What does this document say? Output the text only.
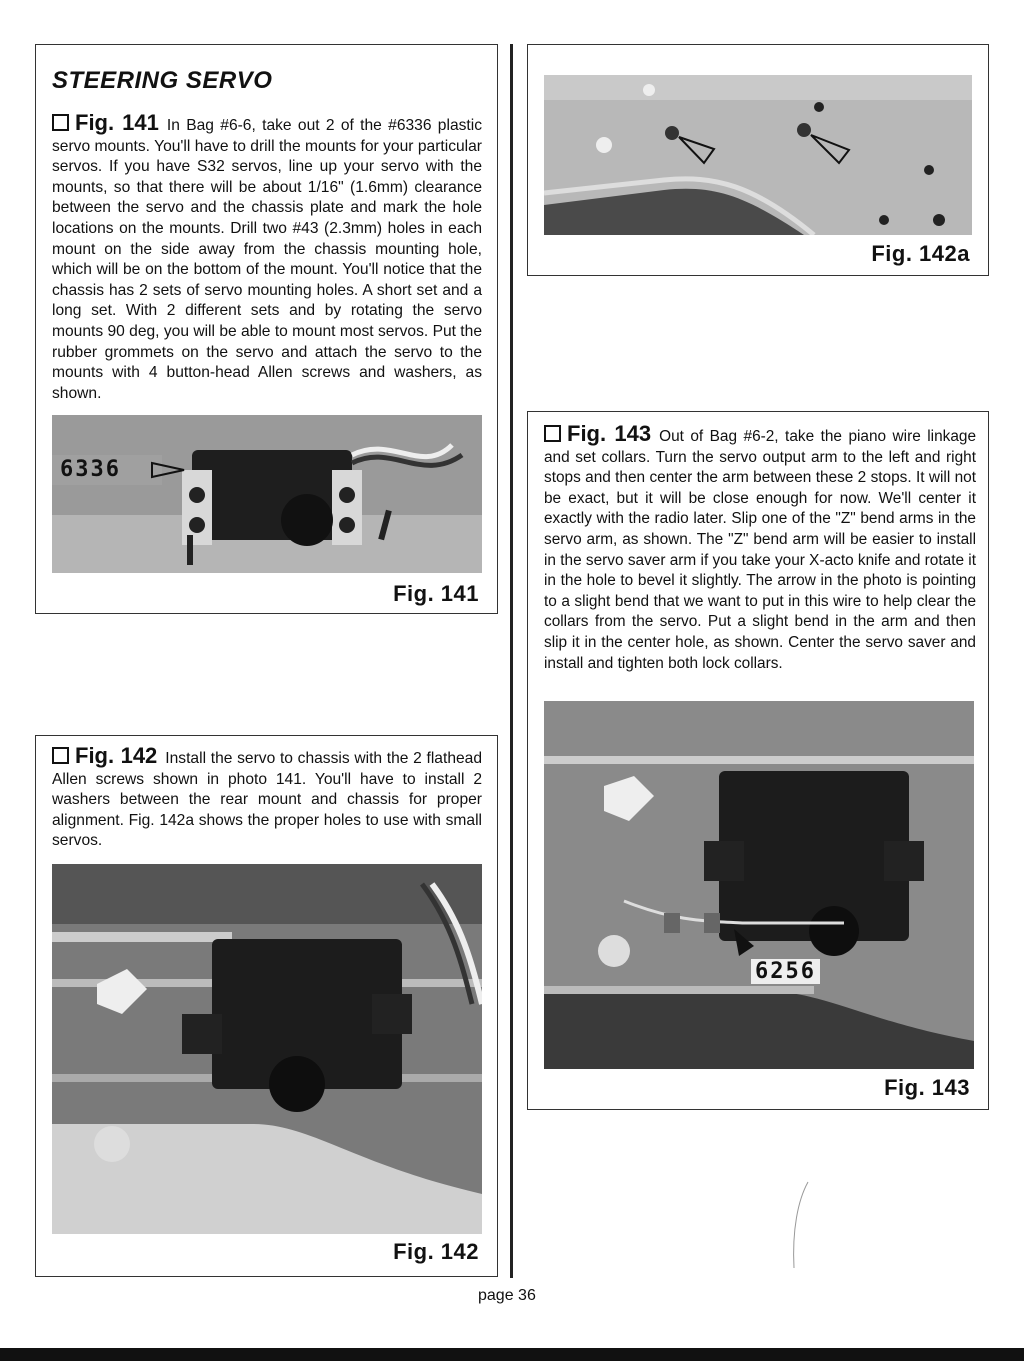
STEERING SERVO
Fig. 141 In Bag #6-6, take out 2 of the #6336 plastic servo mounts. You'll have to drill the mounts for your particular servos. If you have S32 servos, line up your servo with the mounts, so that there will be about 1/16" (1.6mm) clearance between the servo and the chassis plate and mark the hole locations on the mounts. Drill two #43 (2.3mm) holes in each mount on the side away from the chassis mounting hole, which will be on the bottom of the mount. You'll notice that the chassis has 2 sets of servo mounting holes. A short set and a long set. With 2 different sets and by rotating the servo mounts 90 deg, you will be able to mount most servos. Put the rubber grommets on the servo and attach the servo to the mounts with 4 button-head Allen screws and washers, as shown.
6336
Fig. 141
Fig. 142 Install the servo to chassis with the 2 flathead Allen screws shown in photo 141. You'll have to install 2 washers between the rear mount and chassis for proper alignment. Fig. 142a shows the proper holes to use with small servos.
Fig. 142
Fig. 142a
Fig. 143 Out of Bag #6-2, take the piano wire linkage and set collars. Turn the servo output arm to the left and right stops and then center the arm between these 2 stops. It will not be exact, but it will be close enough for now. We'll center it exactly with the radio later. Slip one of the "Z" bend arms in the servo arm, as shown. The "Z" bend arm will be easier to install in the servo saver arm if you take your X-acto knife and rotate it in the hole to bevel it slightly. The arrow in the photo is pointing to a slight bend that we want to put in this wire to help clear the collars from the servo. Put a slight bend in the arm and then slip it in the center hole, as shown. Center the servo saver and install and tighten both lock collars.
6256
Fig. 143
page 36
